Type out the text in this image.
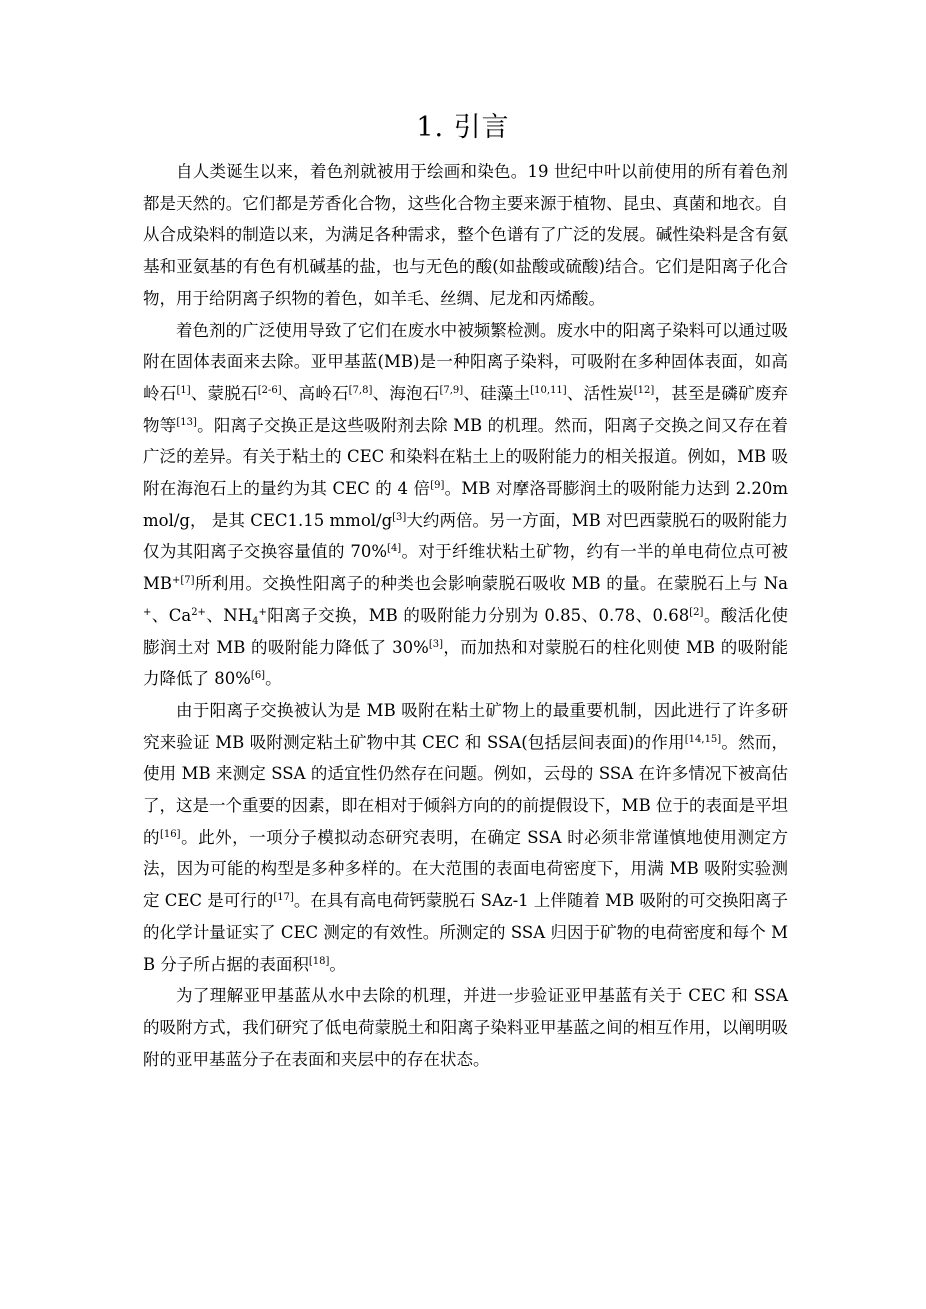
1. 引言

自人类诞生以来，着色剂就被用于绘画和染色。19 世纪中叶以前使用的所有着色剂都是天然的。它们都是芳香化合物，这些化合物主要来源于植物、昆虫、真菌和地衣。自从合成染料的制造以来，为满足各种需求，整个色谱有了广泛的发展。碱性染料是含有氨基和亚氨基的有色有机碱基的盐，也与无色的酸(如盐酸或硫酸)结合。它们是阳离子化合物，用于给阴离子织物的着色，如羊毛、丝绸、尼龙和丙烯酸。

着色剂的广泛使用导致了它们在废水中被频繁检测。废水中的阳离子染料可以通过吸附在固体表面来去除。亚甲基蓝(MB)是一种阳离子染料，可吸附在多种固体表面，如高岭石[1]、蒙脱石[2-6]、高岭石[7,8]、海泡石[7,9]、硅藻土[10,11]、活性炭[12]，甚至是磷矿废弃物等[13]。阳离子交换正是这些吸附剂去除 MB 的机理。然而，阳离子交换之间又存在着广泛的差异。有关于粘土的 CEC 和染料在粘土上的吸附能力的相关报道。例如，MB 吸附在海泡石上的量约为其 CEC 的 4 倍[9]。MB 对摩洛哥膨润土的吸附能力达到 2.20mmol/g， 是其 CEC1.15 mmol/g[3]大约两倍。另一方面，MB 对巴西蒙脱石的吸附能力仅为其阳离子交换容量值的 70%[4]。对于纤维状粘土矿物，约有一半的单电荷位点可被 $MB^{+[7]}$所利用。交换性阳离子的种类也会影响蒙脱石吸收 MB 的量。在蒙脱石上与 Na+、$Ca^{2+}$、$NH_4^+$阳离子交换，MB 的吸附能力分别为 0.85、0.78、0.68[2]。酸活化使膨润土对 MB 的吸附能力降低了 30%[3]，而加热和对蒙脱石的柱化则使 MB 的吸附能力降低了 80%[6]。

由于阳离子交换被认为是 MB 吸附在粘土矿物上的最重要机制，因此进行了许多研究来验证 MB 吸附测定粘土矿物中其 CEC 和 SSA(包括层间表面)的作用[14,15]。然而，使用 MB 来测定 SSA 的适宜性仍然存在问题。例如，云母的 SSA 在许多情况下被高估了，这是一个重要的因素，即在相对于倾斜方向的的前提假设下，MB 位于的表面是平坦的[16]。此外，一项分子模拟动态研究表明，在确定 SSA 时必须非常谨慎地使用测定方法，因为可能的构型是多种多样的。在大范围的表面电荷密度下，用满 MB 吸附实验测定 CEC 是可行的[17]。在具有高电荷钙蒙脱石 SAz-1 上伴随着 MB 吸附的可交换阳离子的化学计量证实了 CEC 测定的有效性。所测定的 SSA 归因于矿物的电荷密度和每个 MB 分子所占据的表面积[18]。

为了理解亚甲基蓝从水中去除的机理，并进一步验证亚甲基蓝有关于 CEC 和 SSA 的吸附方式，我们研究了低电荷蒙脱土和阳离子染料亚甲基蓝之间的相互作用，以阐明吸附的亚甲基蓝分子在表面和夹层中的存在状态。
